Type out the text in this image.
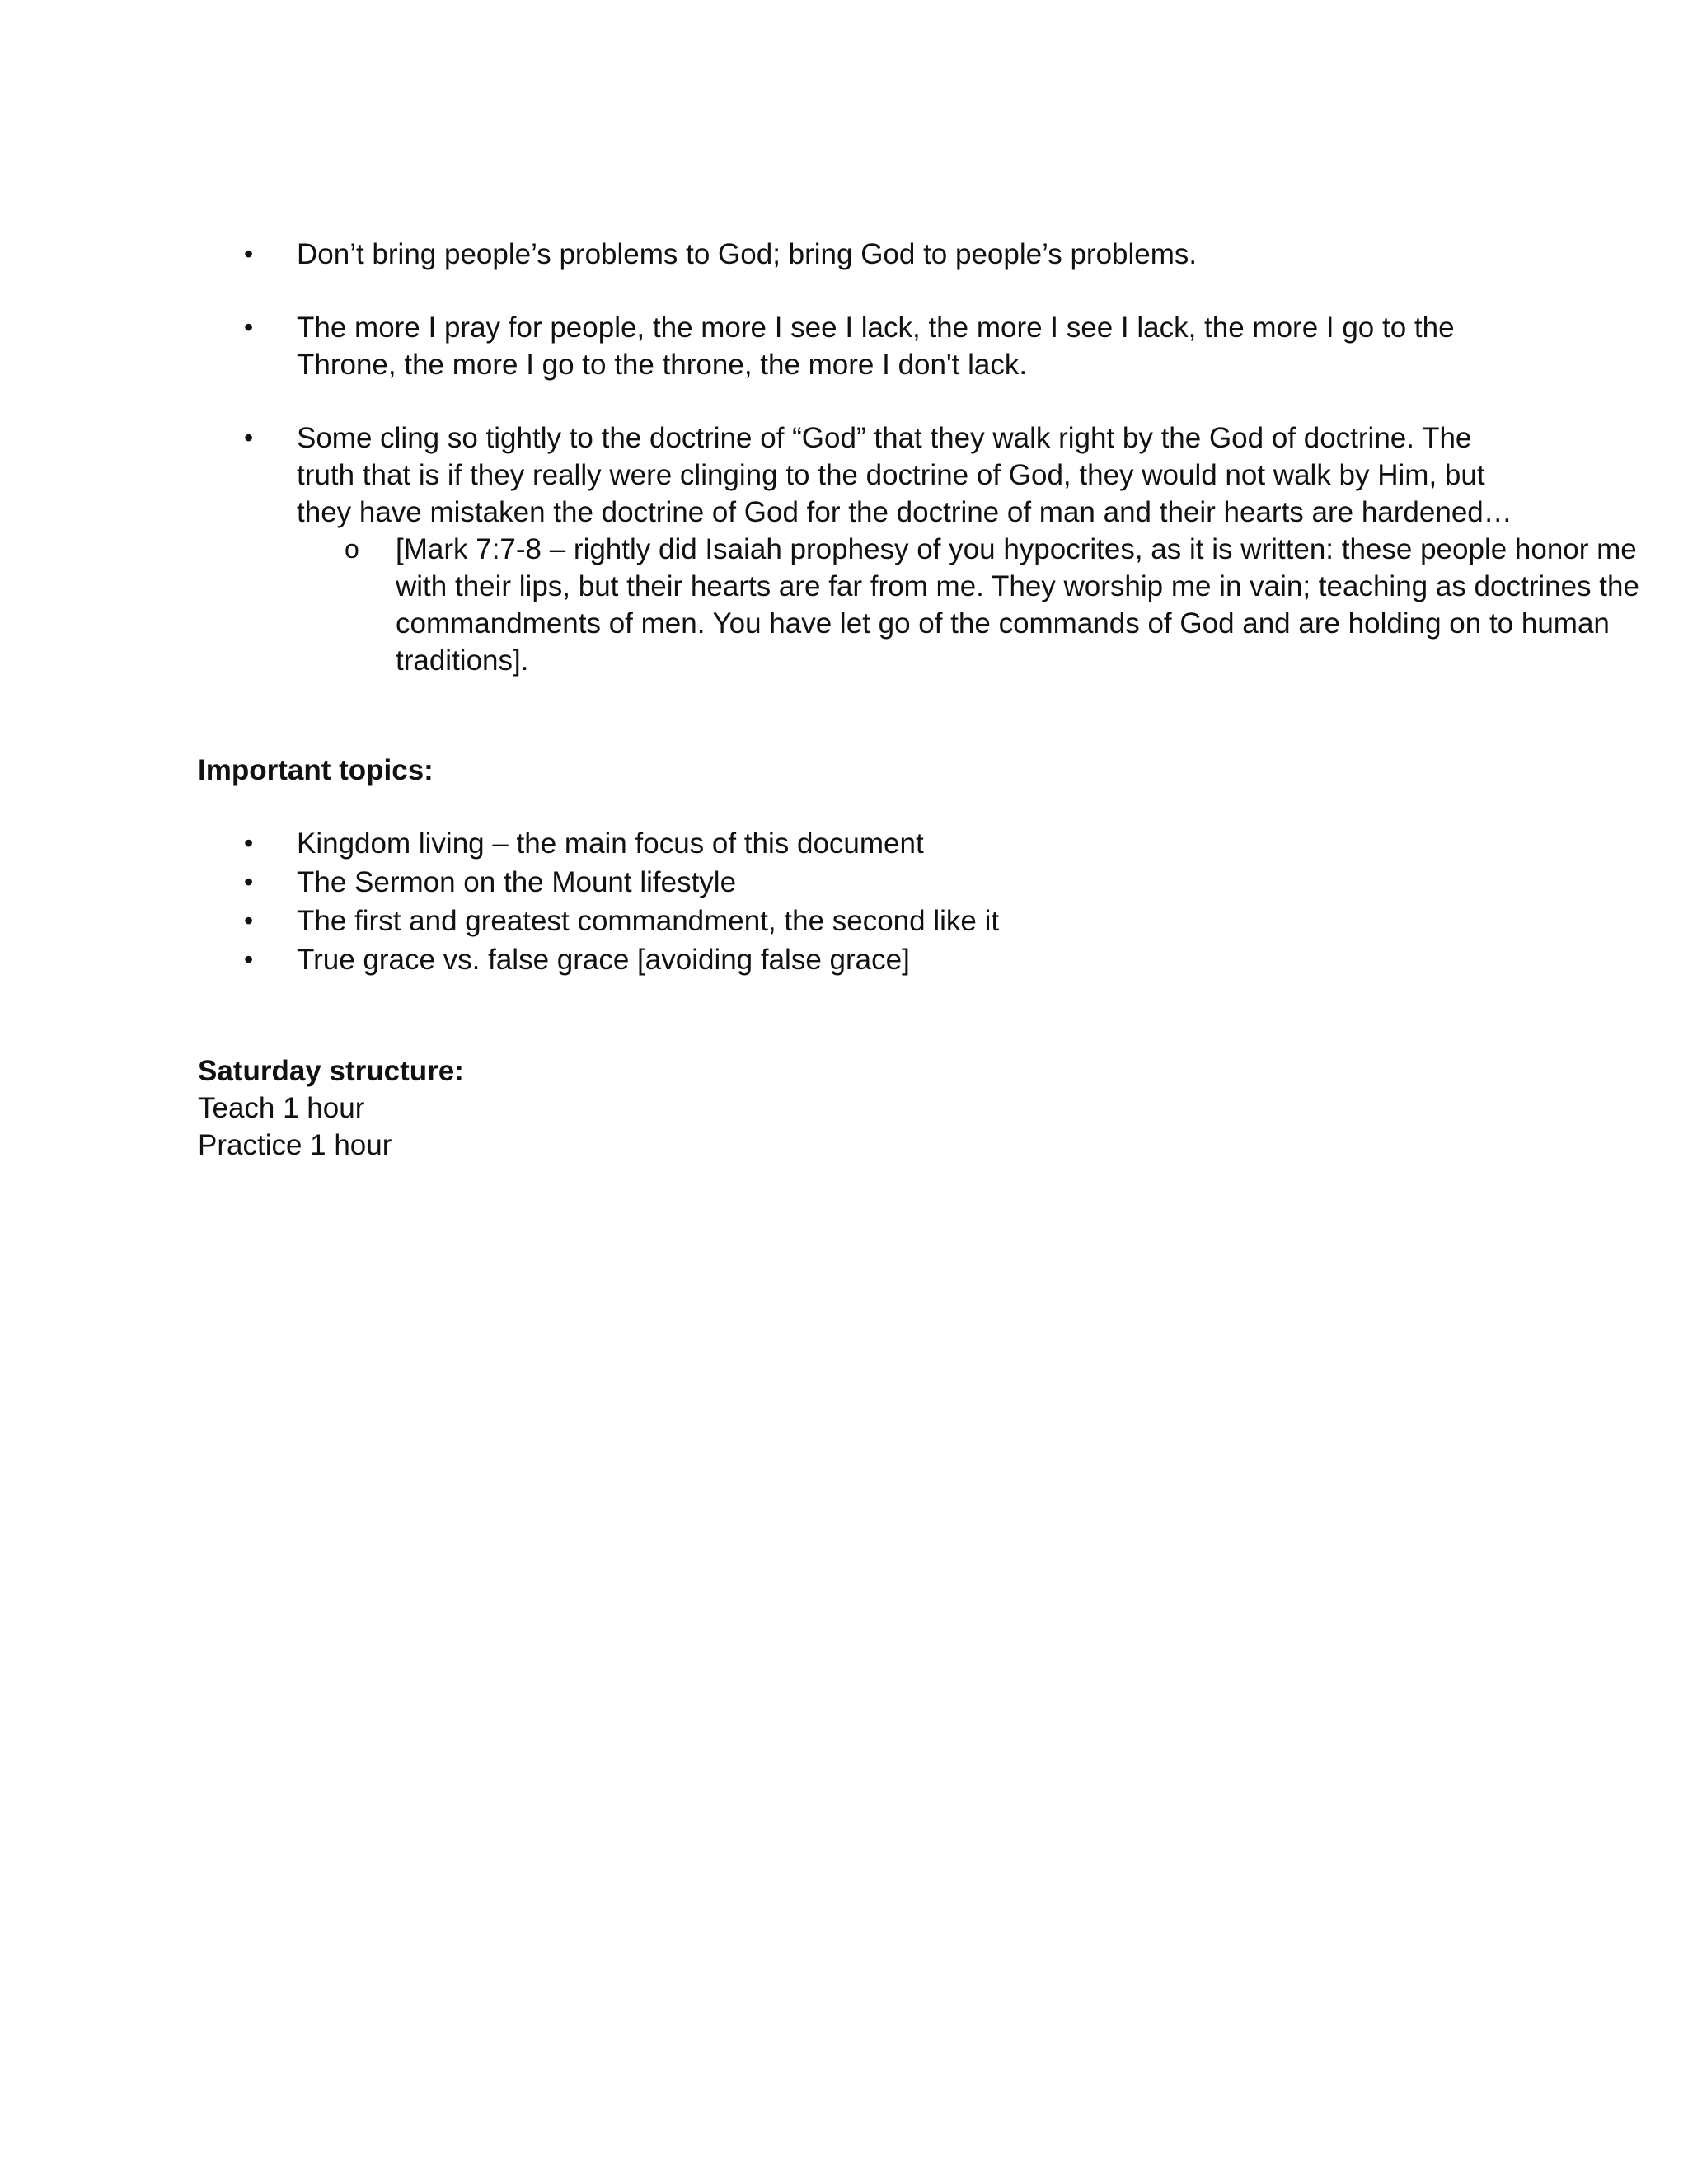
• Don’t bring people’s problems to God; bring God to people’s problems.
• The more I pray for people, the more I see I lack, the more I see I lack, the more I go to the Throne, the more I go to the throne, the more I don't lack.
• Some cling so tightly to the doctrine of “God” that they walk right by the God of doctrine. The truth that is if they really were clinging to the doctrine of God, they would not walk by Him, but they have mistaken the doctrine of God for the doctrine of man and their hearts are hardened…
o [Mark 7:7-8 – rightly did Isaiah prophesy of you hypocrites, as it is written: these people honor me with their lips, but their hearts are far from me. They worship me in vain; teaching as doctrines the commandments of men. You have let go of the commands of God and are holding on to human traditions].

Important topics:

• Kingdom living – the main focus of this document
• The Sermon on the Mount lifestyle
• The first and greatest commandment, the second like it
• True grace vs. false grace [avoiding false grace]

Saturday structure:

Teach 1 hour

Practice 1 hour
